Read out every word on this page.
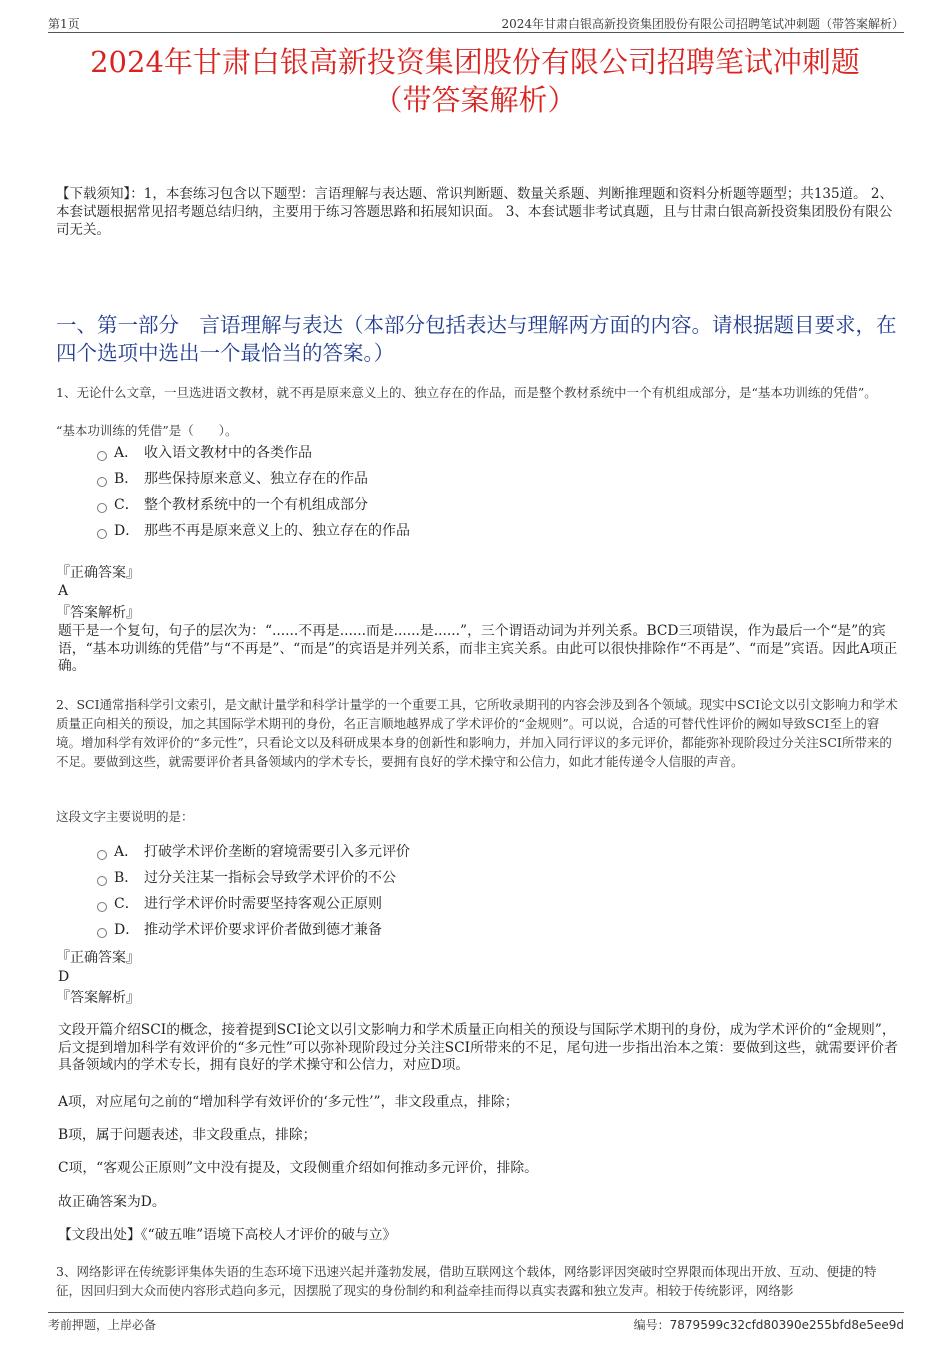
第1页	2024年甘肃白银高新投资集团股份有限公司招聘笔试冲刺题（带答案解析）
2024年甘肃白银高新投资集团股份有限公司招聘笔试冲刺题
（带答案解析）
【下载须知】：1，本套练习包含以下题型：言语理解与表达题、常识判断题、数量关系题、判断推理题和资料分析题等题型；共135道。 2、本套试题根据常见招考题总结归纳，主要用于练习答题思路和拓展知识面。 3、本套试题非考试真题，且与甘肃白银高新投资集团股份有限公司无关。
一、第一部分　言语理解与表达（本部分包括表达与理解两方面的内容。请根据题目要求，在四个选项中选出一个最恰当的答案。）
1、无论什么文章，一旦选进语文教材，就不再是原来意义上的、独立存在的作品，而是整个教材系统中一个有机组成部分，是“基本功训练的凭借”。
“基本功训练的凭借”是（　　）。
A． 收入语文教材中的各类作品
B． 那些保持原来意义、独立存在的作品
C． 整个教材系统中的一个有机组成部分
D． 那些不再是原来意义上的、独立存在的作品
『正确答案』
A
『答案解析』
题干是一个复句，句子的层次为：“......不再是......而是......是......”，三个谓语动词为并列关系。BCD三项错误，作为最后一个“是”的宾语，“基本功训练的凭借”与“不再是”、“而是”的宾语是并列关系，而非主宾关系。由此可以很快排除作“不再是”、“而是”宾语。因此A项正确。
2、SCI通常指科学引文索引，是文献计量学和科学计量学的一个重要工具，它所收录期刊的内容会涉及到各个领域。现实中SCI论文以引文影响力和学术质量正向相关的预设，加之其国际学术期刊的身份，名正言顺地越界成了学术评价的“金规则”。可以说，合适的可替代性评价的阙如导致SCI至上的窘境。增加科学有效评价的“多元性”，只看论文以及科研成果本身的创新性和影响力，并加入同行评议的多元评价，都能弥补现阶段过分关注SCI所带来的不足。要做到这些，就需要评价者具备领域内的学术专长，要拥有良好的学术操守和公信力，如此才能传递令人信服的声音。
这段文字主要说明的是：
A． 打破学术评价垄断的窘境需要引入多元评价
B． 过分关注某一指标会导致学术评价的不公
C． 进行学术评价时需要坚持客观公正原则
D． 推动学术评价要求评价者做到德才兼备
『正确答案』
D
『答案解析』
文段开篇介绍SCI的概念，接着提到SCI论文以引文影响力和学术质量正向相关的预设与国际学术期刊的身份，成为学术评价的“金规则”，后文提到增加科学有效评价的“多元性”可以弥补现阶段过分关注SCI所带来的不足，尾句进一步指出治本之策：要做到这些，就需要评价者具备领域内的学术专长，拥有良好的学术操守和公信力，对应D项。
A项，对应尾句之前的“增加科学有效评价的‘多元性’”，非文段重点，排除；
B项，属于问题表述，非文段重点，排除；
C项，“客观公正原则”文中没有提及，文段侧重介绍如何推动多元评价，排除。
故正确答案为D。
【文段出处】《“破五唯”语境下高校人才评价的破与立》
3、网络影评在传统影评集体失语的生态环境下迅速兴起并蓬勃发展，借助互联网这个载体，网络影评因突破时空界限而体现出开放、互动、便捷的特征，因回归到大众而使内容形式趋向多元，因摆脱了现实的身份制约和利益牵挂而得以真实表露和独立发声。相较于传统影评，网络影
考前押题，上岸必备	编号：7879599c32cfd80390e255bfd8e5ee9d
